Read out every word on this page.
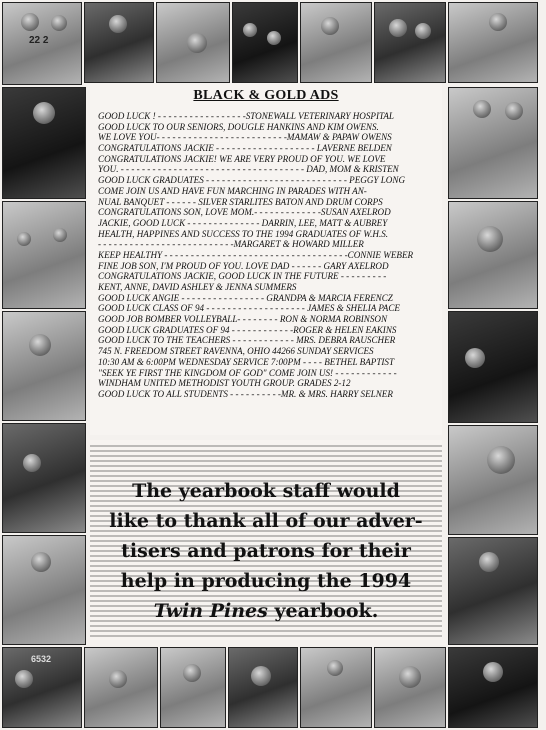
22 2
6532
BLACK & GOLD ADS
GOOD LUCK ! - - - - - - - - - - - - - - - - -STONEWALL VETERINARY HOSPITAL
GOOD LUCK TO OUR SENIORS, DOUGLE HANKINS AND KIM OWENS.
WE LOVE YOU- - - - - - - - - - - - - - - - - - - - - - - - -MAMAW & PAPAW OWENS
CONGRATULATIONS JACKIE - - - - - - - - - - - - - - - - - - - LAVERNE BELDEN
CONGRATULATIONS JACKIE! WE ARE VERY PROUD OF YOU. WE LOVE
YOU. - - - - - - - - - - - - - - - - - - - - - - - - - - - - - - - - - - - DAD, MOM & KRISTEN
GOOD LUCK GRADUATES - - - - - - - - - - - - - - - - - - - - - - - - - - - PEGGY LONG
COME JOIN US AND HAVE FUN MARCHING IN PARADES WITH AN-
NUAL BANQUET - - - - - - SILVER STARLITES BATON AND DRUM CORPS
CONGRATULATIONS SON, LOVE MOM.- - - - - - - - - - - - -SUSAN AXELROD
JACKIE, GOOD LUCK - - - - - - - - - - - - - - DARRIN, LEE, MATT & AUBREY
HEALTH, HAPPINES AND SUCCESS TO THE 1994 GRADUATES OF W.H.S.
- - - - - - - - - - - - - - - - - - - - - - - - - -MARGARET & HOWARD MILLER
KEEP HEALTHY - - - - - - - - - - - - - - - - - - - - - - - - - - - - - - - - - - -CONNIE WEBER
FINE JOB SON, I'M PROUD OF YOU. LOVE DAD - - - - - - GARY AXELROD
CONGRATULATIONS JACKIE, GOOD LUCK IN THE FUTURE - - - - - - - - -
KENT, ANNE, DAVID ASHLEY & JENNA SUMMERS
GOOD LUCK ANGIE - - - - - - - - - - - - - - - - GRANDPA & MARCIA FERENCZ
GOOD LUCK CLASS OF 94 - - - - - - - - - - - - - - - - - - - JAMES & SHELIA PACE
GOOD JOB BOMBER VOLLEYBALL- - - - - - - - RON & NORMA ROBINSON
GOOD LUCK GRADUATES OF 94 - - - - - - - - - - - -ROGER & HELEN EAKINS
GOOD LUCK TO THE TEACHERS - - - - - - - - - - - - MRS. DEBRA RAUSCHER
745 N. FREEDOM STREET RAVENNA, OHIO 44266 SUNDAY SERVICES
10:30 AM & 6:00PM WEDNESDAY SERVICE 7:00PM - - - - BETHEL BAPTIST
"SEEK YE FIRST THE KINGDOM OF GOD" COME JOIN US! - - - - - - - - - - - -
WINDHAM UNITED METHODIST YOUTH GROUP. GRADES 2-12
GOOD LUCK TO ALL STUDENTS - - - - - - - - - -MR. & MRS. HARRY SELNER
The yearbook staff would
like to thank all of our adver-
tisers and patrons for their
help in producing the 1994
Twin Pines yearbook.
